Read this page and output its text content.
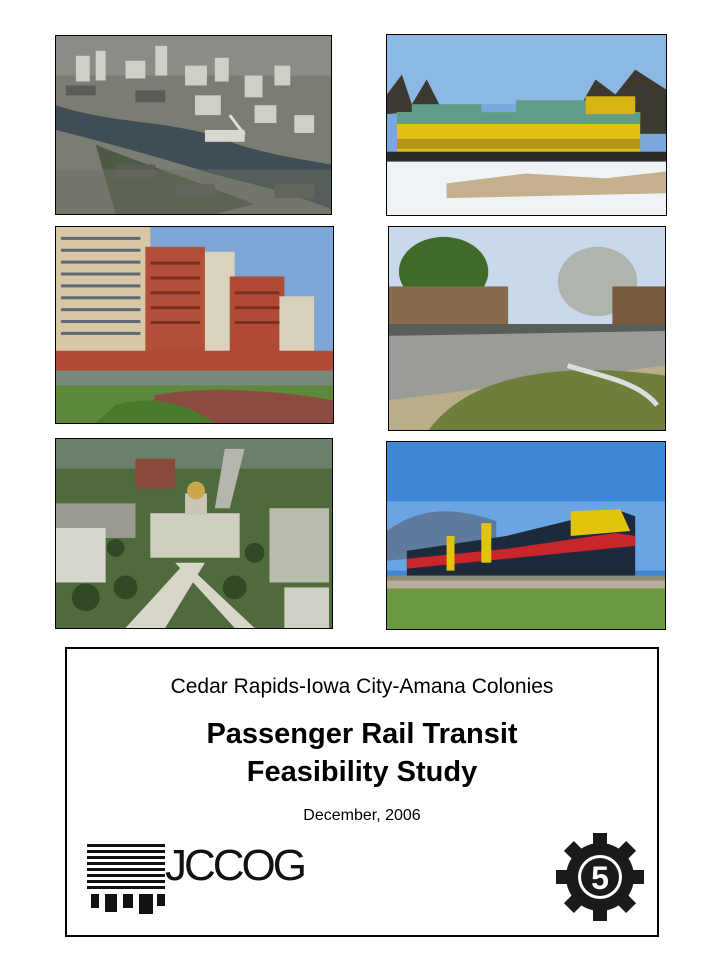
Cedar Rapids-Iowa City-Amana Colonies
Passenger Rail Transit
Feasibility Study
December, 2006
JCCOG	5
